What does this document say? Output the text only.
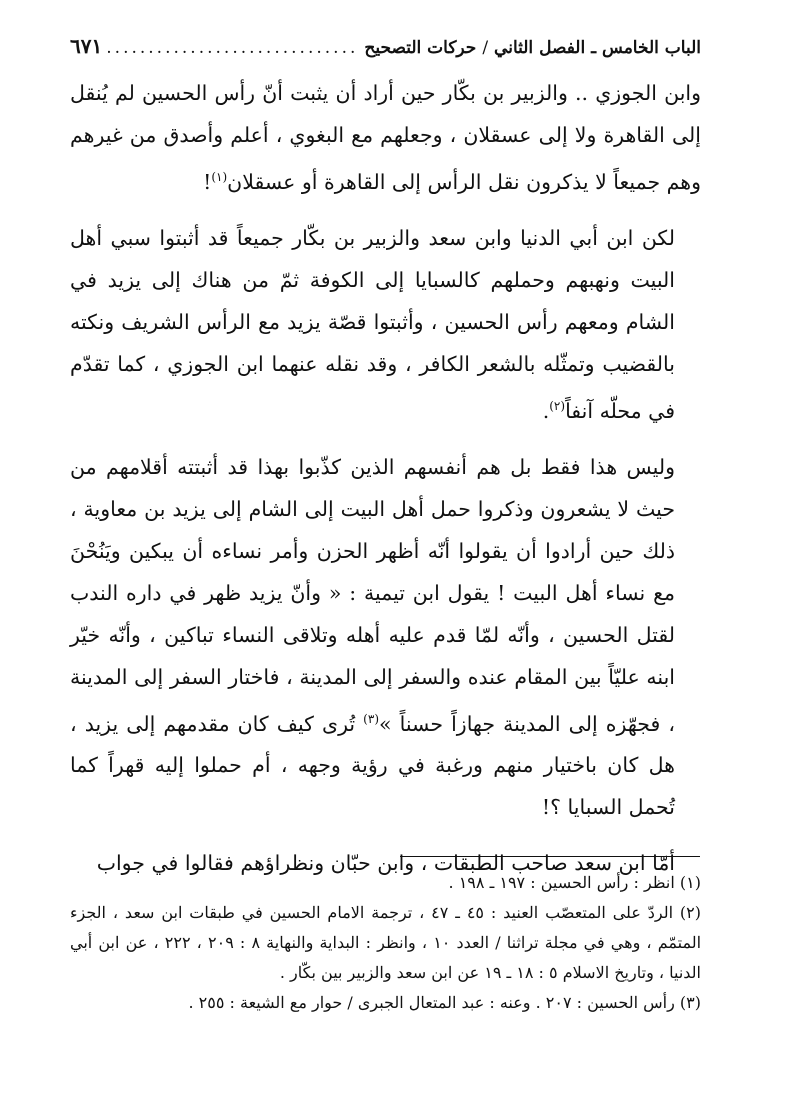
الباب الخامس ـ الفصل الثاني
/
حركات التصحيح
.....
٦٧١

وابن الجوزي .. والزبير بن بكّار حين أراد أن يثبت أنّ رأس الحسين لم يُنقل إلى القاهرة ولا إلى عسقلان ، وجعلهم مع البغوي ، أعلم وأصدق من غيرهم وهم جميعاً لا يذكرون نقل الرأس إلى القاهرة أو عسقلان$^{(١)}$!

لكن ابن أبي الدنيا وابن سعد والزبير بن بكّار جميعاً قد أثبتوا سبي أهل البيت ونهبهم وحملهم كالسبايا إلى الكوفة ثمّ من هناك إلى يزيد في الشام ومعهم رأس الحسين ، وأثبتوا قصّة يزيد مع الرأس الشريف ونكته بالقضيب وتمثّله بالشعر الكافر ، وقد نقله عنهما ابن الجوزي ، كما تقدّم في محلّه آنفاً$^{(٢)}$.

وليس هذا فقط بل هم أنفسهم الذين كذّبوا بهذا قد أثبتته أقلامهم من حيث لا يشعرون وذكروا حمل أهل البيت إلى الشام إلى يزيد بن معاوية ، ذلك حين أرادوا أن يقولوا أنّه أظهر الحزن وأمر نساءه أن يبكين ويَنُحْنَ مع نساء أهل البيت ! يقول ابن تيمية : « وأنّ يزيد ظهر في داره الندب لقتل الحسين ، وأنّه لمّا قدم عليه أهله وتلاقى النساء تباكين ، وأنّه خيّر ابنه عليّاً بين المقام عنده والسفر إلى المدينة ، فاختار السفر إلى المدينة ، فجهّزه إلى المدينة جهازاً حسناً »$^{(٣)}$ تُرى كيف كان مقدمهم إلى يزيد ، هل كان باختيار منهم ورغبة في رؤية وجهه ، أم حملوا إليه قهراً كما تُحمل السبايا ؟!

أمّا ابن سعد صاحب الطبقات ، وابن حبّان ونظراؤهم فقالوا في جواب

(١) انظر : رأس الحسين : ١٩٧ ـ ١٩٨ .

(٢) الردّ على المتعصّب العنيد : ٤٥ ـ ٤٧ ، ترجمة الامام الحسين في طبقات ابن سعد ، الجزء المتمّم ، وهي في مجلة تراثنا / العدد ١٠ ، وانظر : البداية والنهاية ٨ : ٢٠٩ ، ٢٢٢ ، عن ابن أبي الدنيا ، وتاريخ الاسلام ٥ : ١٨ ـ ١٩ عن ابن سعد والزبير بين بكّار .

(٣) رأس الحسين : ٢٠٧ . وعنه : عبد المتعال الجبرى / حوار مع الشيعة : ٢٥٥ .
